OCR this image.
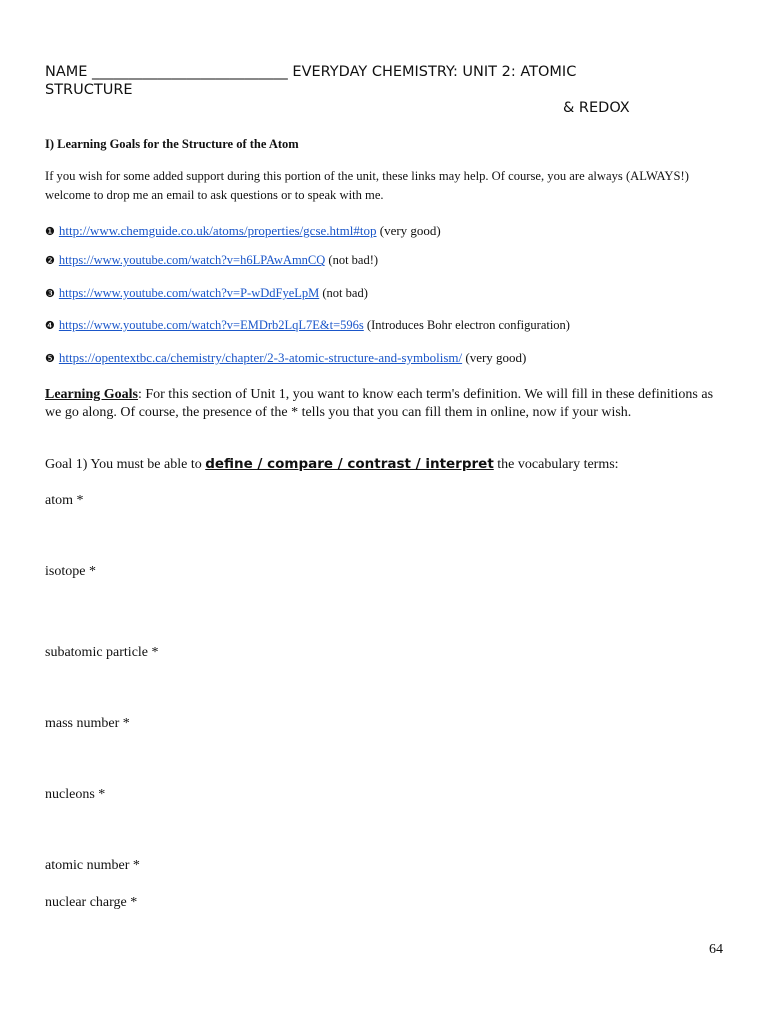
NAME ___________________________ EVERYDAY CHEMISTRY: UNIT 2: ATOMIC
STRUCTURE
& REDOX
I) Learning Goals for the Structure of the Atom
If you wish for some added support during this portion of the unit, these links may help. Of course, you are always (ALWAYS!) welcome to drop me an email to ask questions or to speak with me.
❶ http://www.chemguide.co.uk/atoms/properties/gcse.html#top (very good)
❷ https://www.youtube.com/watch?v=h6LPAwAmnCQ (not bad!)
❸ https://www.youtube.com/watch?v=P-wDdFyeLpM (not bad)
❹ https://www.youtube.com/watch?v=EMDrb2LqL7E&t=596s (Introduces Bohr electron configuration)
❺ https://opentextbc.ca/chemistry/chapter/2-3-atomic-structure-and-symbolism/ (very good)
Learning Goals: For this section of Unit 1, you want to know each term's definition. We will fill in these definitions as we go along. Of course, the presence of the * tells you that you can fill them in online, now if your wish.
Goal 1) You must be able to define / compare / contrast / interpret the vocabulary terms:
atom *
isotope *
subatomic particle *
mass number *
nucleons *
atomic number *
nuclear charge *
64
